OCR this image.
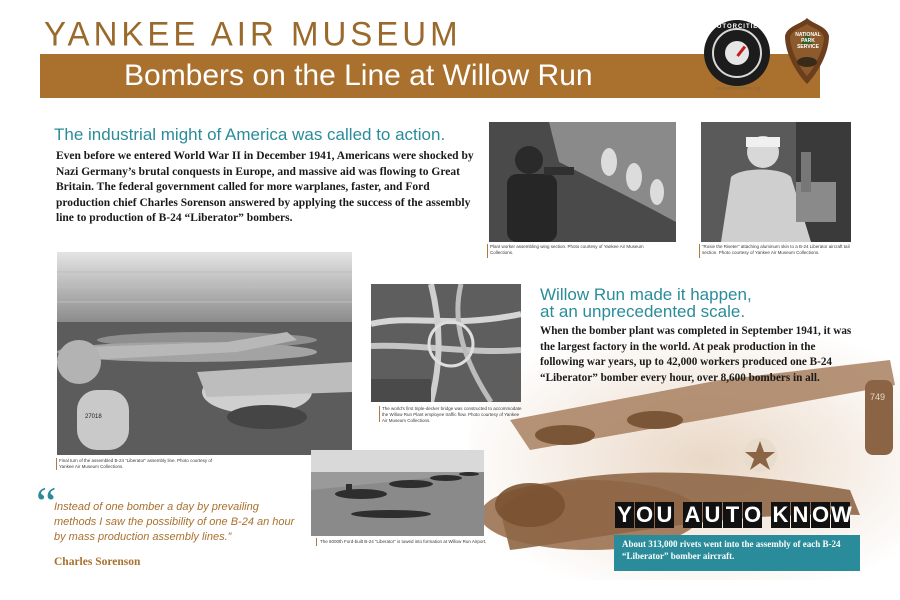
749
YANKEE AIR MUSEUM
Bombers on the Line at Willow Run
MOTORCITIES
www.motorcities.org
NATIONAL PARK SERVICE
The industrial might of America was called to action.
Even before we entered World War II in December 1941, Americans were shocked by Nazi Germany’s brutal conquests in Europe, and massive aid was flowing to Great Britain. The federal government called for more warplanes, faster, and Ford production chief Charles Sorenson answered by applying the success of the assembly line to production of B-24 “Liberator” bombers.
Plant worker assembling wing section. Photo courtesy of Yankee Air Museum Collections.
“Rosie the Riveter” attaching aluminum skin to a B-24 Liberator aircraft tail section. Photo courtesy of Yankee Air Museum Collections.
27018
Final turn of the assembled B-24 “Liberator” assembly line. Photo courtesy of Yankee Air Museum Collections.
The world’s first triple-decker bridge was constructed to accommodate the Willow Run Plant employee traffic flow. Photo courtesy of Yankee Air Museum Collections.
The 6000th Ford-built B-24 “Liberator” is towed into formation at Willow Run Airport.
Willow Run made it happen,
at an unprecedented scale.
When the bomber plant was completed in September 1941, it was the largest factory in the world. At peak production in the following war years, up to 42,000 workers produced one B-24 “Liberator” bomber every hour, over 8,600 bombers in all.
“
Instead of one bomber a day by prevailing methods I saw the possibility of one B-24 an hour by mass production assembly lines.”
Charles Sorenson
Y O U A U T O K N O W
About 313,000 rivets went into the assembly of each B-24 “Liberator” bomber aircraft.
